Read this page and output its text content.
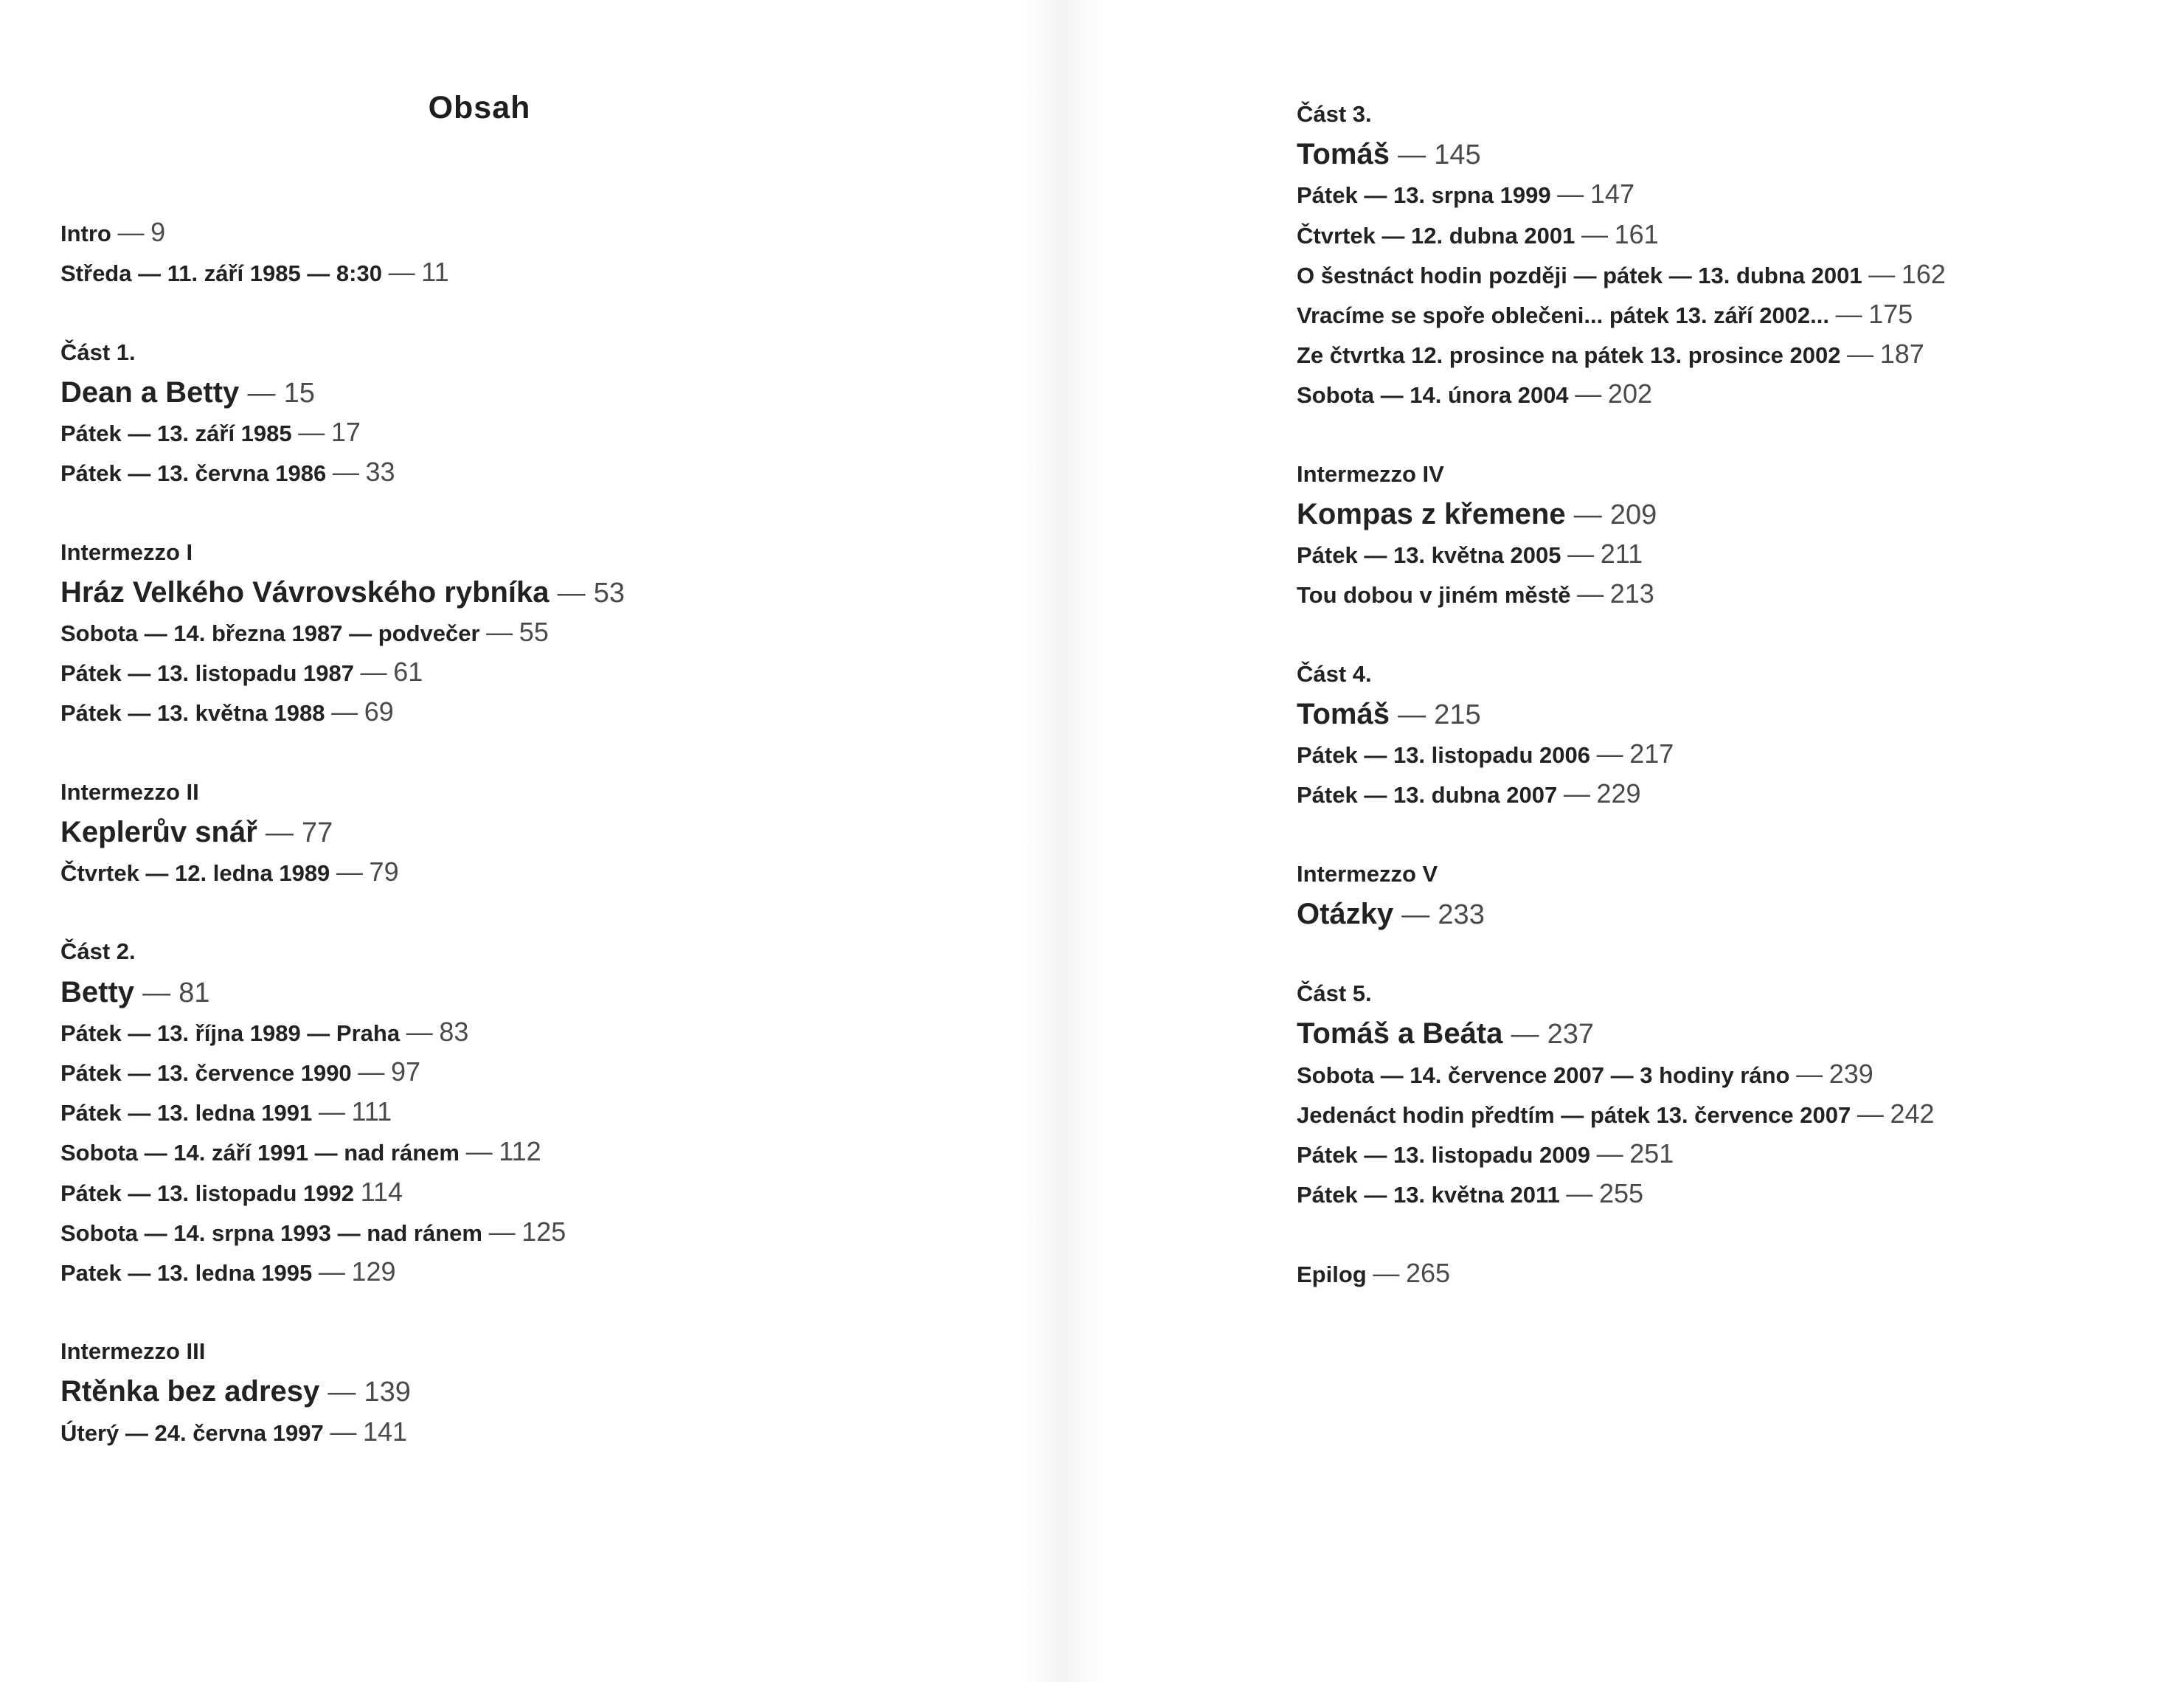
Obsah
Intro — 9
Středa — 11. září 1985 — 8:30 — 11
Část 1.
Dean a Betty — 15
Pátek — 13. září 1985 — 17
Pátek — 13. června 1986 — 33
Intermezzo I
Hráz Velkého Vávrovského rybníka — 53
Sobota — 14. března 1987 — podvečer — 55
Pátek — 13. listopadu 1987 — 61
Pátek — 13. května 1988 — 69
Intermezzo II
Keplerův snář — 77
Čtvrtek — 12. ledna 1989 — 79
Část 2.
Betty — 81
Pátek — 13. října 1989 — Praha — 83
Pátek — 13. července 1990 — 97
Pátek — 13. ledna 1991 — 111
Sobota — 14. září 1991 — nad ránem — 112
Pátek — 13. listopadu 1992 114
Sobota — 14. srpna 1993 — nad ránem — 125
Patek — 13. ledna 1995 — 129
Intermezzo III
Rtěnka bez adresy — 139
Úterý — 24. června 1997 — 141
Část 3.
Tomáš — 145
Pátek — 13. srpna 1999 — 147
Čtvrtek — 12. dubna 2001 — 161
O šestnáct hodin později — pátek — 13. dubna 2001 — 162
Vracíme se spoře oblečeni... pátek 13. září 2002... — 175
Ze čtvrtka 12. prosince na pátek 13. prosince 2002 — 187
Sobota — 14. února 2004 — 202
Intermezzo IV
Kompas z křemene — 209
Pátek — 13. května 2005 — 211
Tou dobou v jiném městě — 213
Část 4.
Tomáš — 215
Pátek — 13. listopadu 2006 — 217
Pátek — 13. dubna 2007 — 229
Intermezzo V
Otázky — 233
Část 5.
Tomáš a Beáta — 237
Sobota — 14. července 2007 — 3 hodiny ráno — 239
Jedenáct hodin předtím — pátek 13. července 2007 — 242
Pátek — 13. listopadu 2009 — 251
Pátek — 13. května 2011 — 255
Epilog — 265
